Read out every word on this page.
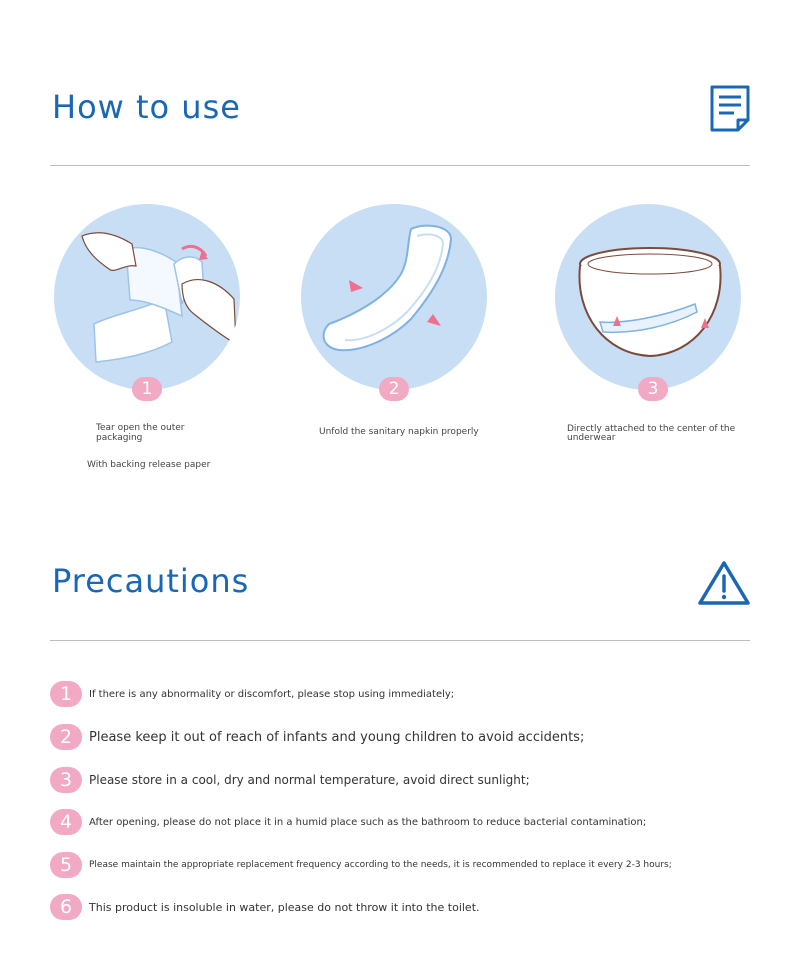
How to use
1
Tear open the outer
packaging
With backing release paper
2
Unfold the sanitary napkin properly
3
Directly attached to the center of the
underwear
Precautions
1	If there is any abnormality or discomfort, please stop using immediately;
2	Please keep it out of reach of infants and young children to avoid accidents;
3	Please store in a cool, dry and normal temperature, avoid direct sunlight;
4	After opening, please do not place it in a humid place such as the bathroom to reduce bacterial contamination;
5	Please maintain the appropriate replacement frequency according to the needs, it is recommended to replace it every 2-3 hours;
6	This product is insoluble in water, please do not throw it into the toilet.
